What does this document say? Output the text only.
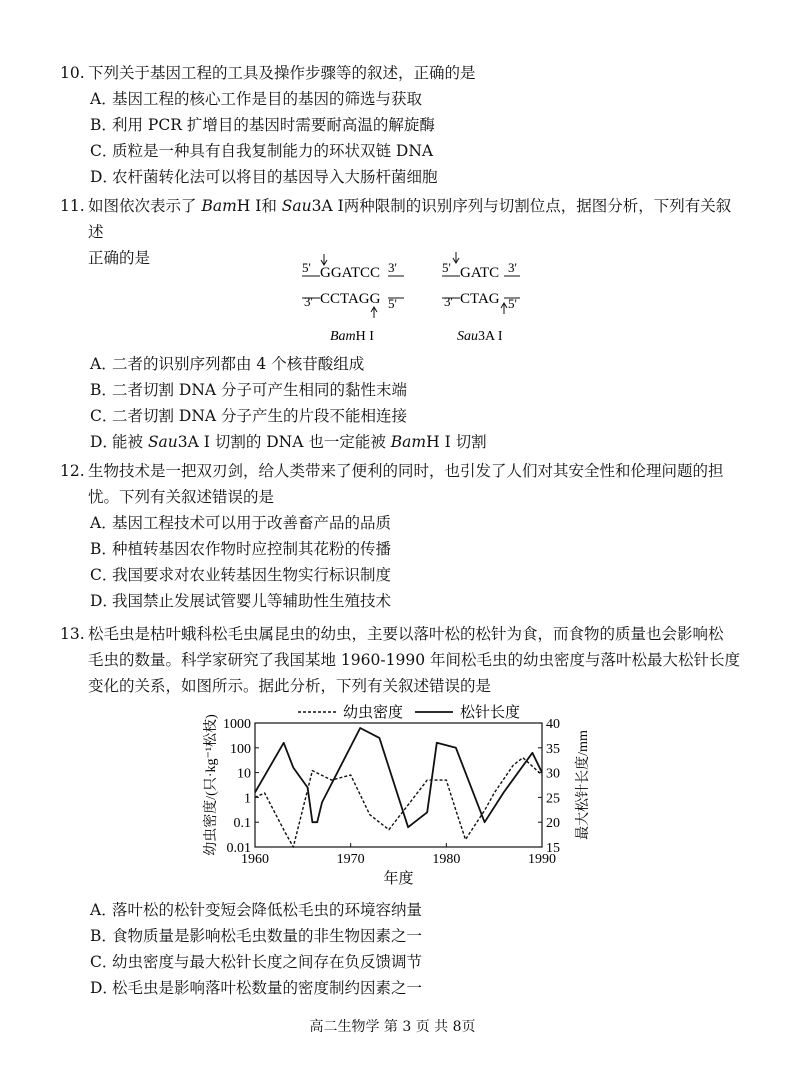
10. 下列关于基因工程的工具及操作步骤等的叙述，正确的是
A．基因工程的核心工作是目的基因的筛选与获取
B．利用 PCR 扩增目的基因时需要耐高温的解旋酶
C．质粒是一种具有自我复制能力的环状双链 DNA
D．农杆菌转化法可以将目的基因导入大肠杆菌细胞
11. 如图依次表示了 BamH I和 Sau3A I两种限制的识别序列与切割位点，据图分析，下列有关叙述
正确的是
5' GGATCC 3'
3' CCTAGG 5'
BamH I
5' GATC 3'
3' CTAG 5'
Sau3A I
A．二者的识别序列都由 4 个核苷酸组成
B．二者切割 DNA 分子可产生相同的黏性末端
C．二者切割 DNA 分子产生的片段不能相连接
D．能被 Sau3A I 切割的 DNA 也一定能被 BamH I 切割
12. 生物技术是一把双刃剑，给人类带来了便利的同时，也引发了人们对其安全性和伦理问题的担
忧。下列有关叙述错误的是
A．基因工程技术可以用于改善畜产品的品质
B．种植转基因农作物时应控制其花粉的传播
C．我国要求对农业转基因生物实行标识制度
D．我国禁止发展试管婴儿等辅助性生殖技术
13. 松毛虫是枯叶蛾科松毛虫属昆虫的幼虫，主要以落叶松的松针为食，而食物的质量也会影响松
毛虫的数量。科学家研究了我国某地 1960-1990 年间松毛虫的幼虫密度与落叶松最大松针长度
变化的关系，如图所示。据此分析，下列有关叙述错误的是
0.01
0.1
1
10
100
1000
15
20
25
30
35
40
1960	1970	1980	1990
年度
幼虫密度/(只·kg⁻¹松枝)	最大松针长度/mm
幼虫密度	松针长度
A．落叶松的松针变短会降低松毛虫的环境容纳量
B．食物质量是影响松毛虫数量的非生物因素之一
C．幼虫密度与最大松针长度之间存在负反馈调节
D．松毛虫是影响落叶松数量的密度制约因素之一
高二生物学 第 3 页 共 8页
